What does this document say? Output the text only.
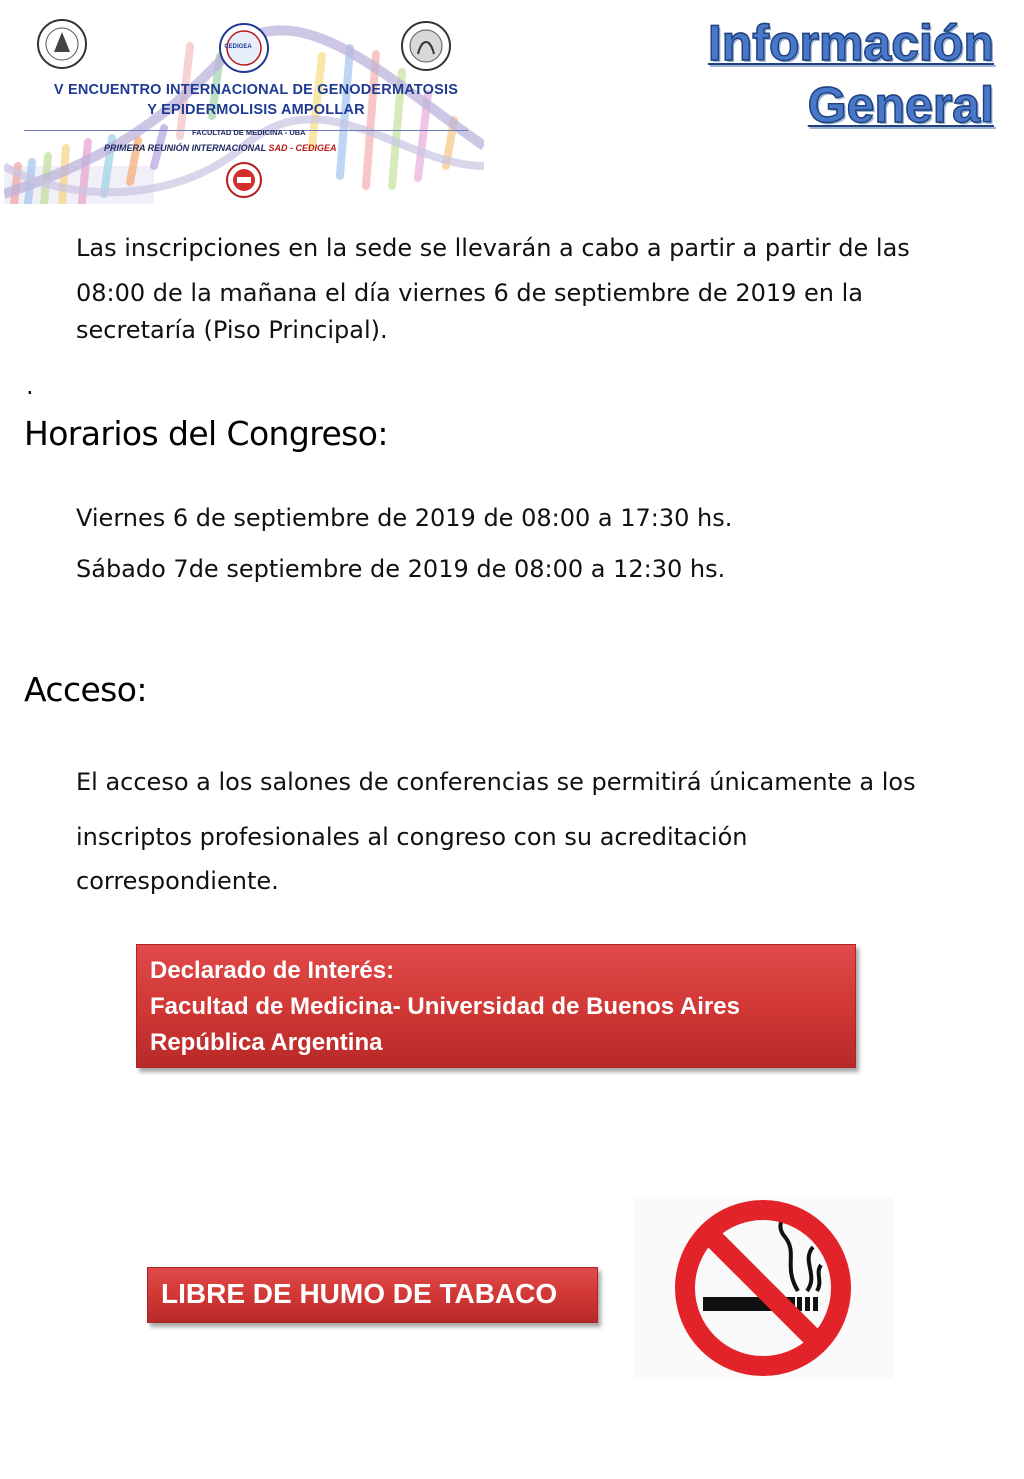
CEDIGEA
V ENCUENTRO INTERNACIONAL DE GENODERMATOSIS
Y EPIDERMOLISIS AMPOLLAR
FACULTAD DE MEDICINA - UBA
PRIMERA REUNIÓN INTERNACIONAL SAD - CEDIGEA
Información
General
Las inscripciones en la sede se llevarán a cabo a partir a partir de las
08:00 de la mañana el día viernes 6 de septiembre de 2019 en la
secretaría (Piso Principal).
.
Horarios del Congreso:
Viernes 6 de septiembre de 2019 de 08:00 a 17:30 hs.
Sábado 7de septiembre de 2019 de 08:00 a 12:30 hs.
Acceso:
El acceso a los salones de conferencias se permitirá únicamente a los
inscriptos profesionales al congreso con su acreditación
correspondiente.
Declarado de Interés:
Facultad de Medicina- Universidad de Buenos Aires
República Argentina
LIBRE DE HUMO DE TABACO
